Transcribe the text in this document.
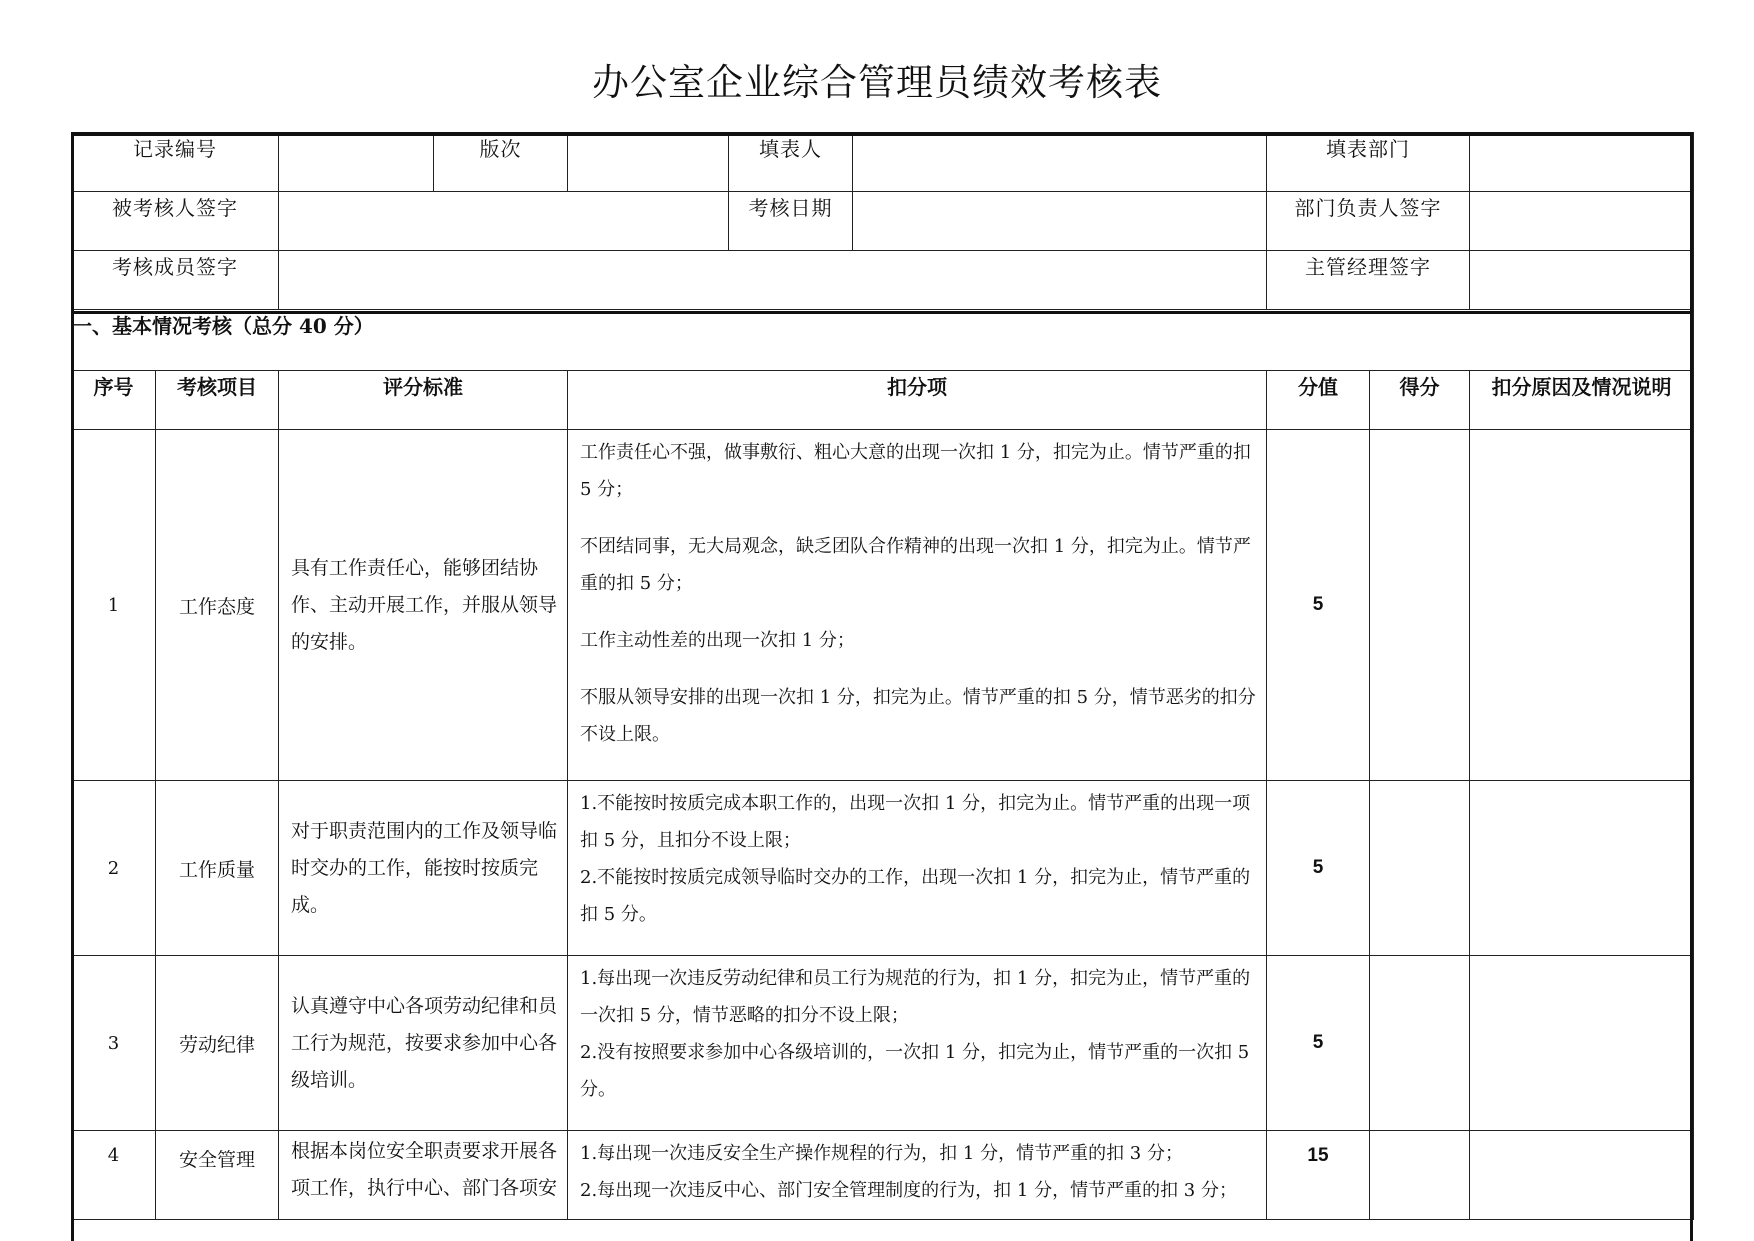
办公室企业综合管理员绩效考核表
记录编号			版次		填表人		填表部门		
被考核人签字					考核日期		部门负责人签字		
考核成员签字							主管经理签字		
一、基本情况考核（总分 40 分）									
序号	考核项目	评分标准		扣分项			分值	得分	扣分原因及情况说明
1	工作态度	具有工作责任心，能够团结协作、主动开展工作，并服从领导的安排。		工作责任心不强，做事敷衍、粗心大意的出现一次扣 1 分，扣完为止。情节严重的扣 5 分；

不团结同事，无大局观念，缺乏团队合作精神的出现一次扣 1 分，扣完为止。情节严重的扣 5 分；

工作主动性差的出现一次扣 1 分；

不服从领导安排的出现一次扣 1 分，扣完为止。情节严重的扣 5 分，情节恶劣的扣分不设上限。			5		
2	工作质量	对于职责范围内的工作及领导临时交办的工作，能按时按质完成。		1.不能按时按质完成本职工作的，出现一次扣 1 分，扣完为止。情节严重的出现一项扣 5 分，且扣分不设上限；

2.不能按时按质完成领导临时交办的工作，出现一次扣 1 分，扣完为止，情节严重的扣 5 分。			5		
3	劳动纪律	认真遵守中心各项劳动纪律和员工行为规范，按要求参加中心各级培训。		1.每出现一次违反劳动纪律和员工行为规范的行为，扣 1 分，扣完为止，情节严重的一次扣 5 分，情节恶略的扣分不设上限；

2.没有按照要求参加中心各级培训的，一次扣 1 分，扣完为止，情节严重的一次扣 5 分。			5		
4	安全管理	根据本岗位安全职责要求开展各项工作，执行中心、部门各项安		1.每出现一次违反安全生产操作规程的行为，扣 1 分，情节严重的扣 3 分；

2.每出现一次违反中心、部门安全管理制度的行为，扣 1 分，情节严重的扣 3 分；			15		
